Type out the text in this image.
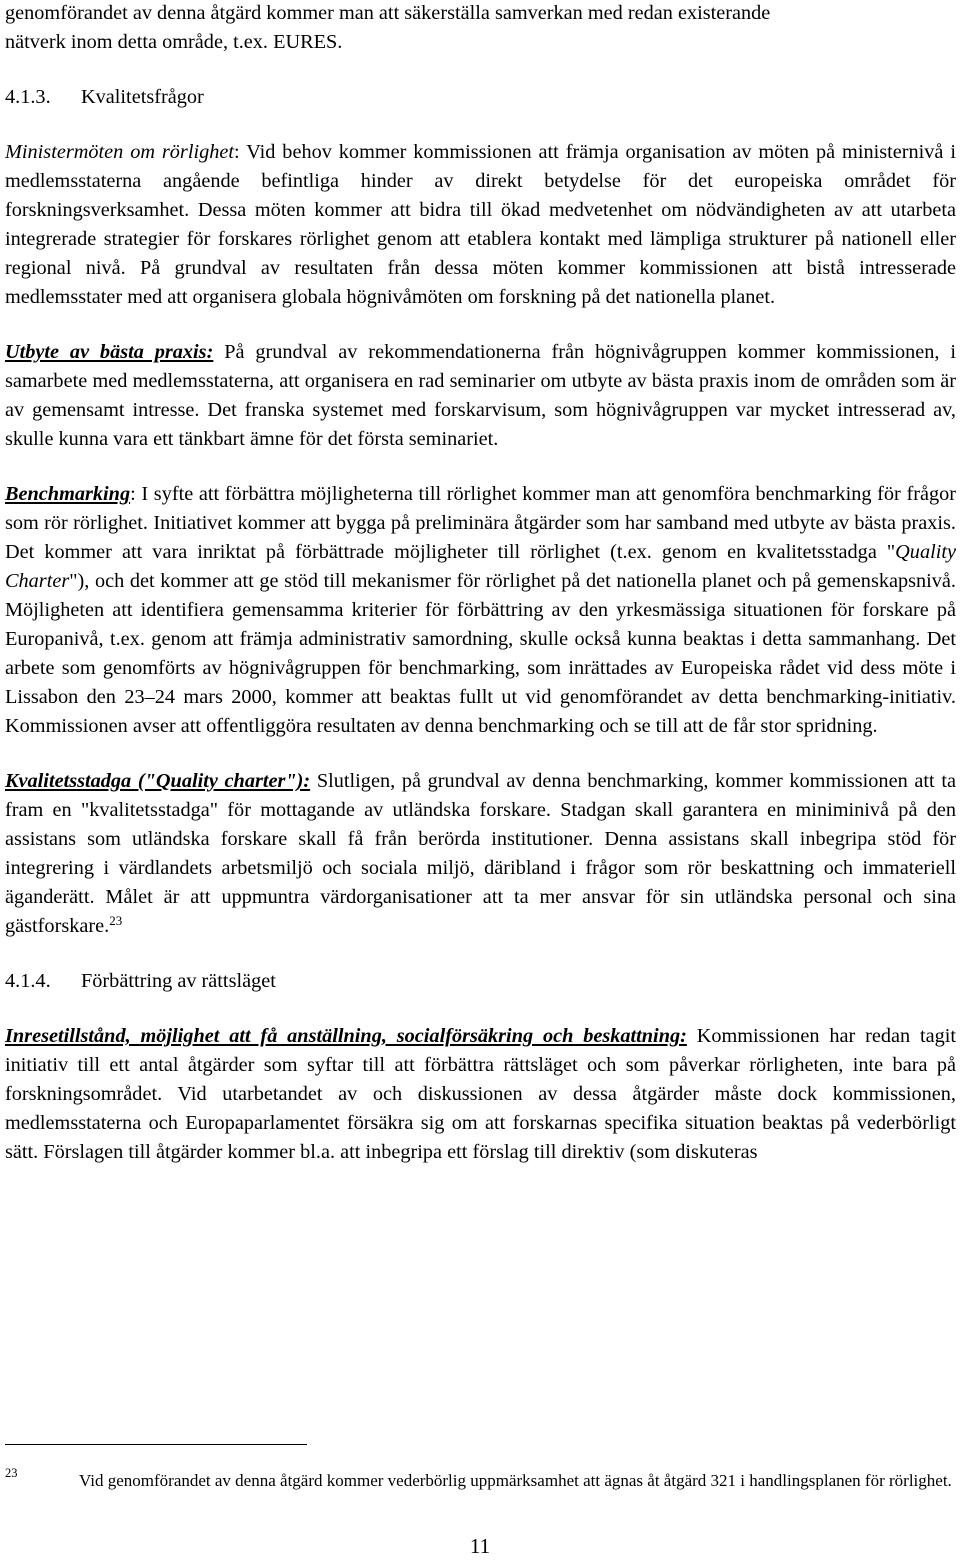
genomförandet av denna åtgärd kommer man att säkerställa samverkan med redan existerande
nätverk inom detta område, t.ex. EURES.

4.1.3. Kvalitetsfrågor

Ministermöten om rörlighet: Vid behov kommer kommissionen att främja organisation av möten på ministernivå i medlemsstaterna angående befintliga hinder av direkt betydelse för det europeiska området för forskningsverksamhet. Dessa möten kommer att bidra till ökad medvetenhet om nödvändigheten av att utarbeta integrerade strategier för forskares rörlighet genom att etablera kontakt med lämpliga strukturer på nationell eller regional nivå. På grundval av resultaten från dessa möten kommer kommissionen att bistå intresserade medlemsstater med att organisera globala högnivåmöten om forskning på det nationella planet.

Utbyte av bästa praxis: På grundval av rekommendationerna från högnivågruppen kommer kommissionen, i samarbete med medlemsstaterna, att organisera en rad seminarier om utbyte av bästa praxis inom de områden som är av gemensamt intresse. Det franska systemet med forskarvisum, som högnivågruppen var mycket intresserad av, skulle kunna vara ett tänkbart ämne för det första seminariet.

Benchmarking: I syfte att förbättra möjligheterna till rörlighet kommer man att genomföra benchmarking för frågor som rör rörlighet. Initiativet kommer att bygga på preliminära åtgärder som har samband med utbyte av bästa praxis. Det kommer att vara inriktat på förbättrade möjligheter till rörlighet (t.ex. genom en kvalitetsstadga "Quality Charter"), och det kommer att ge stöd till mekanismer för rörlighet på det nationella planet och på gemenskapsnivå. Möjligheten att identifiera gemensamma kriterier för förbättring av den yrkesmässiga situationen för forskare på Europanivå, t.ex. genom att främja administrativ samordning, skulle också kunna beaktas i detta sammanhang. Det arbete som genomförts av högnivågruppen för benchmarking, som inrättades av Europeiska rådet vid dess möte i Lissabon den 23–24 mars 2000, kommer att beaktas fullt ut vid genomförandet av detta benchmarking-initiativ. Kommissionen avser att offentliggöra resultaten av denna benchmarking och se till att de får stor spridning.

Kvalitetsstadga ("Quality charter"): Slutligen, på grundval av denna benchmarking, kommer kommissionen att ta fram en "kvalitetsstadga" för mottagande av utländska forskare. Stadgan skall garantera en miniminivå på den assistans som utländska forskare skall få från berörda institutioner. Denna assistans skall inbegripa stöd för integrering i värdlandets arbetsmiljö och sociala miljö, däribland i frågor som rör beskattning och immateriell äganderätt. Målet är att uppmuntra värdorganisationer att ta mer ansvar för sin utländska personal och sina gästforskare.$^{23}$

4.1.4. Förbättring av rättsläget

Inresetillstånd, möjlighet att få anställning, socialförsäkring och beskattning: Kommissionen har redan tagit initiativ till ett antal åtgärder som syftar till att förbättra rättsläget och som påverkar rörligheten, inte bara på forskningsområdet. Vid utarbetandet av och diskussionen av dessa åtgärder måste dock kommissionen, medlemsstaterna och Europaparlamentet försäkra sig om att forskarnas specifika situation beaktas på vederbörligt sätt. Förslagen till åtgärder kommer bl.a. att inbegripa ett förslag till direktiv (som diskuteras

23	Vid genomförandet av denna åtgärd kommer vederbörlig uppmärksamhet att ägnas åt åtgärd 321 i handlingsplanen för rörlighet.
11
